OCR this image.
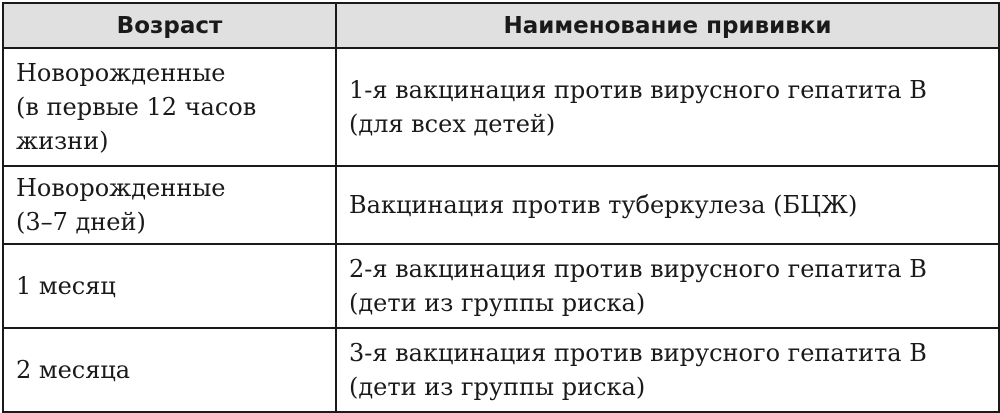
Возраст	Наименование прививки

Новорожденные
(в первые 12 часов
жизни)	1-я вакцинация против вирусного гепатита В
(для всех детей)

Новорожденные
(3–7 дней)	Вакцинация против туберкулеза (БЦЖ)

1 месяц	2-я вакцинация против вирусного гепатита В
(дети из группы риска)

2 месяца	3-я вакцинация против вирусного гепатита В
(дети из группы риска)
